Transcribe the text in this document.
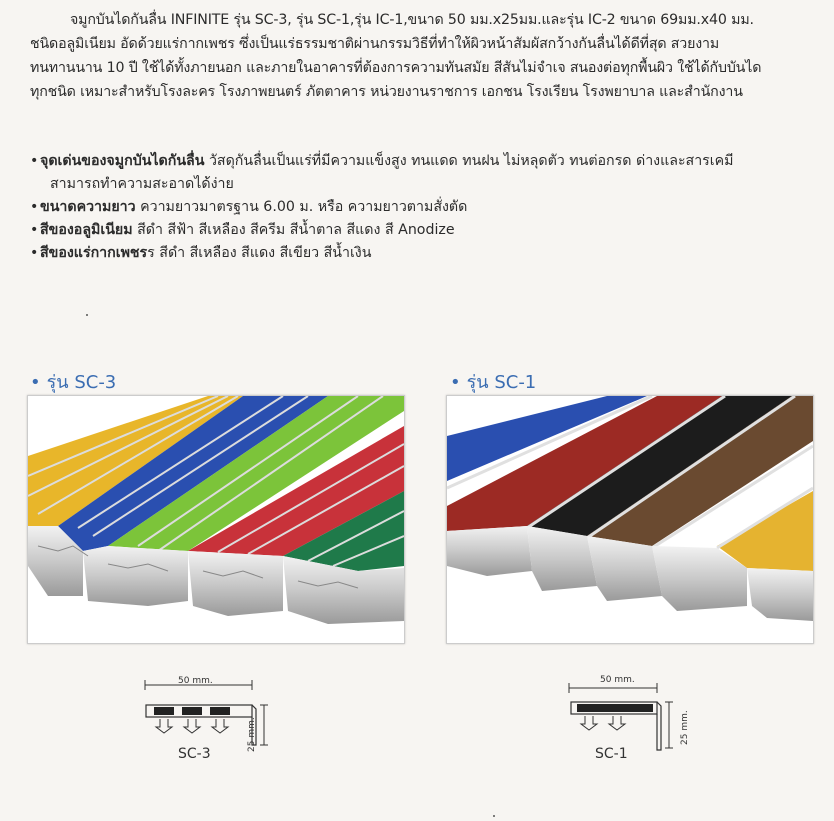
จมูกบันไดกันลื่น INFINITE รุ่น SC-3, รุ่น SC-1,รุ่น IC-1,ขนาด 50 มม.x25มม.และรุ่น IC-2 ขนาด 69มม.x40 มม.

ชนิดอลูมิเนียม อัดด้วยแร่กากเพชร ซึ่งเป็นแร่ธรรมชาติผ่านกรรมวิธีที่ทำให้ผิวหน้าสัมผัสกว้างกันลื่นได้ดีที่สุด สวยงาม

ทนทานนาน 10 ปี ใช้ได้ทั้งภายนอก และภายในอาคารที่ต้องการความทันสมัย สีสันไม่จำเจ สนองต่อทุกพื้นผิว ใช้ได้กับบันได

ทุกชนิด เหมาะสำหรับโรงละคร โรงภาพยนตร์ ภัตตาคาร หน่วยงานราชการ เอกชน โรงเรียน โรงพยาบาล และสำนักงาน

• จุดเด่นของจมูกบันไดกันลื่น วัสดุกันลื่นเป็นแร่ที่มีความแข็งสูง ทนแดด ทนฝน ไม่หลุดตัว ทนต่อกรด ด่างและสารเคมี
สามารถทำความสะอาดได้ง่าย
• ขนาดความยาว ความยาวมาตรฐาน 6.00 ม. หรือ ความยาวตามสั่งตัด
• สีของอลูมิเนียม สีดำ สีฟ้า สีเหลือง สีครีม สีน้ำตาล สีแดง สี Anodize
• สีของแร่กากเพชรร สีดำ สีเหลือง สีแดง สีเขียว สีน้ำเงิน
• รุ่น SC-3	• รุ่น SC-1
50 mm.
25 mm.
SC-3
50 mm.
25 mm.
SC-1
